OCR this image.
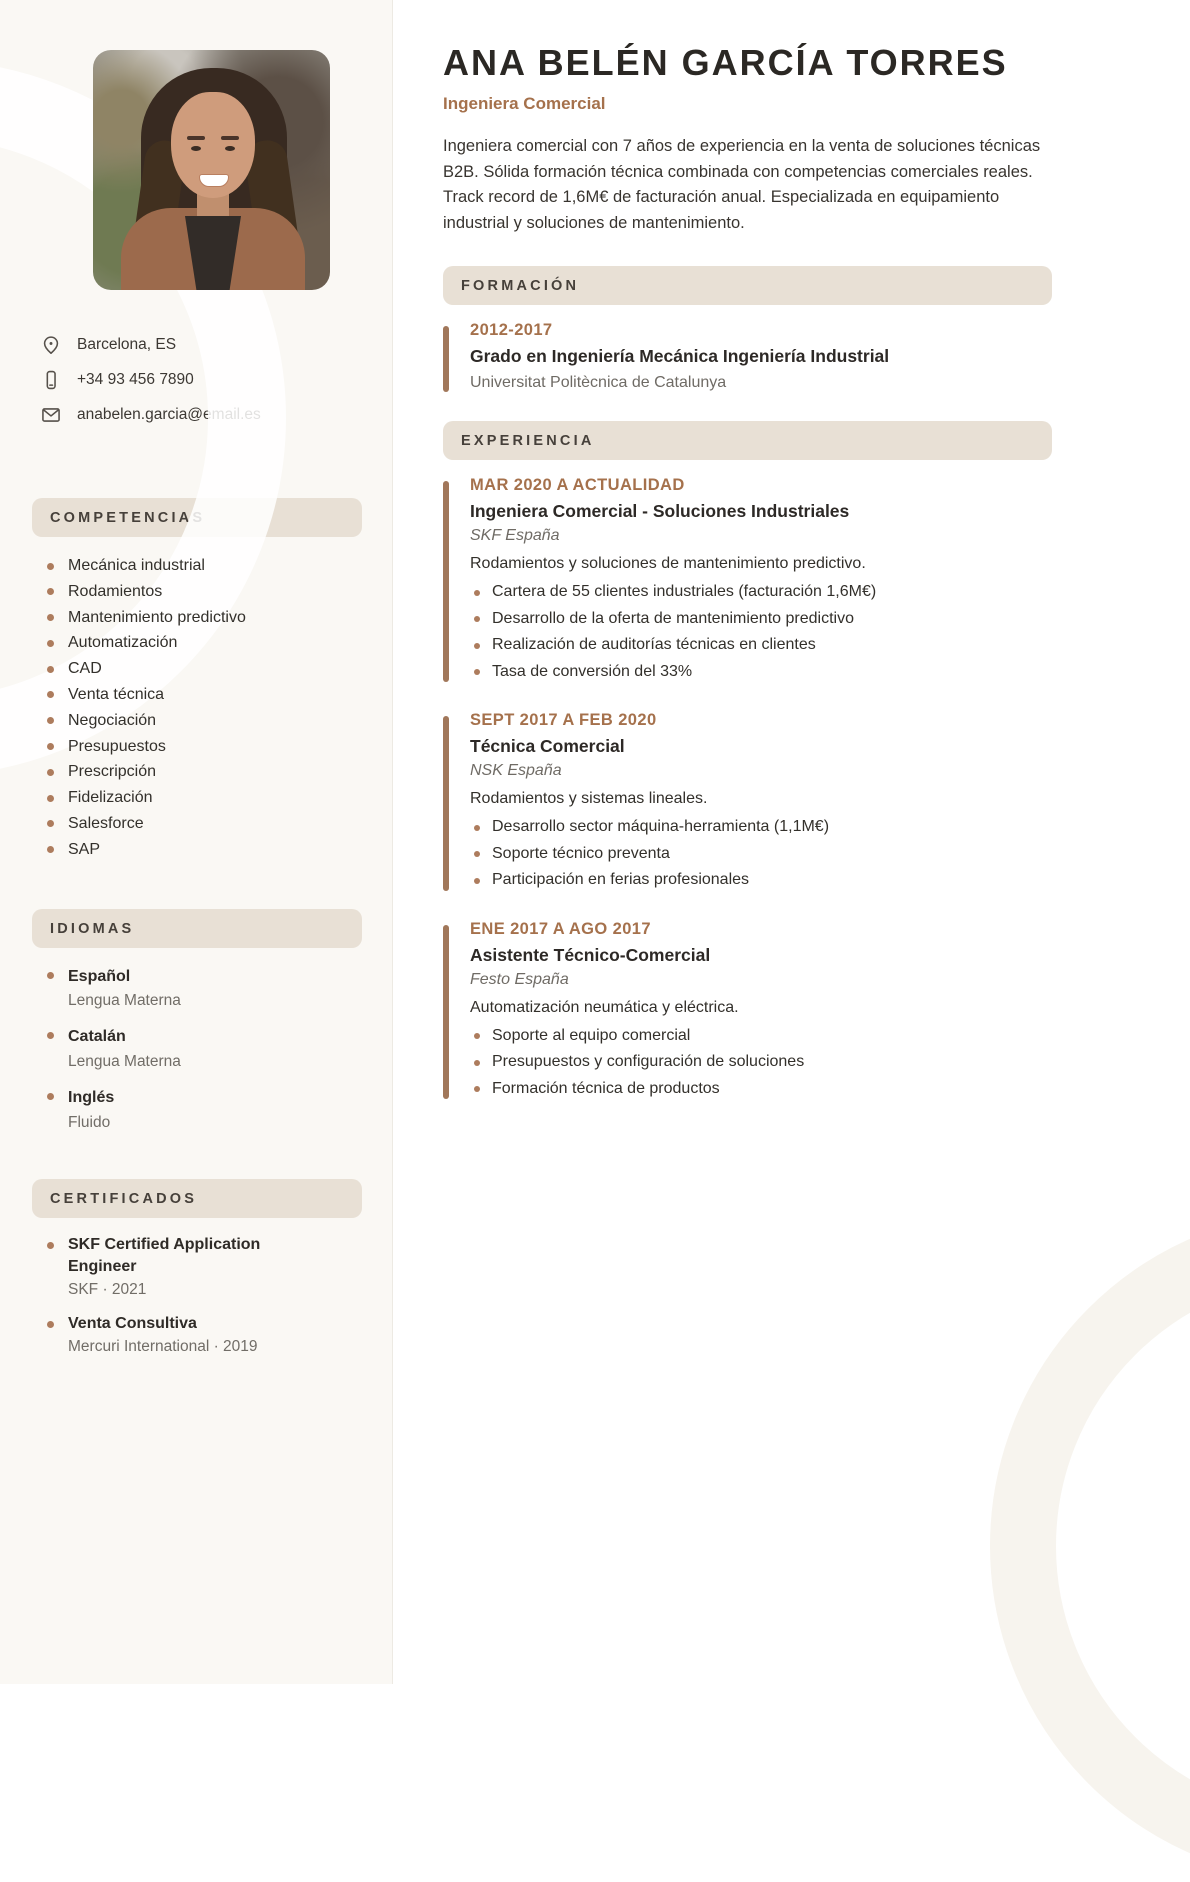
Barcelona, ES
+34 93 456 7890
anabelen.garcia@email.es
COMPETENCIAS
Mecánica industrial
Rodamientos
Mantenimiento predictivo
Automatización
CAD
Venta técnica
Negociación
Presupuestos
Prescripción
Fidelización
Salesforce
SAP
IDIOMAS
Español
Lengua Materna
Catalán
Lengua Materna
Inglés
Fluido
CERTIFICADOS
SKF Certified Application Engineer
SKF · 2021
Venta Consultiva
Mercuri International · 2019
ANA BELÉN GARCÍA TORRES

Ingeniera Comercial

Ingeniera comercial con 7 años de experiencia en la venta de soluciones técnicas B2B. Sólida formación técnica combinada con competencias comerciales reales. Track record de 1,6M€ de facturación anual. Especializada en equipamiento industrial y soluciones de mantenimiento.

FORMACIÓN
2012-2017
Grado en Ingeniería Mecánica Ingeniería Industrial
Universitat Politècnica de Catalunya
EXPERIENCIA
MAR 2020 A ACTUALIDAD
Ingeniera Comercial - Soluciones Industriales
SKF España
Rodamientos y soluciones de mantenimiento predictivo.
Cartera de 55 clientes industriales (facturación 1,6M€)
Desarrollo de la oferta de mantenimiento predictivo
Realización de auditorías técnicas en clientes
Tasa de conversión del 33%
SEPT 2017 A FEB 2020
Técnica Comercial
NSK España
Rodamientos y sistemas lineales.
Desarrollo sector máquina-herramienta (1,1M€)
Soporte técnico preventa
Participación en ferias profesionales
ENE 2017 A AGO 2017
Asistente Técnico-Comercial
Festo España
Automatización neumática y eléctrica.
Soporte al equipo comercial
Presupuestos y configuración de soluciones
Formación técnica de productos
